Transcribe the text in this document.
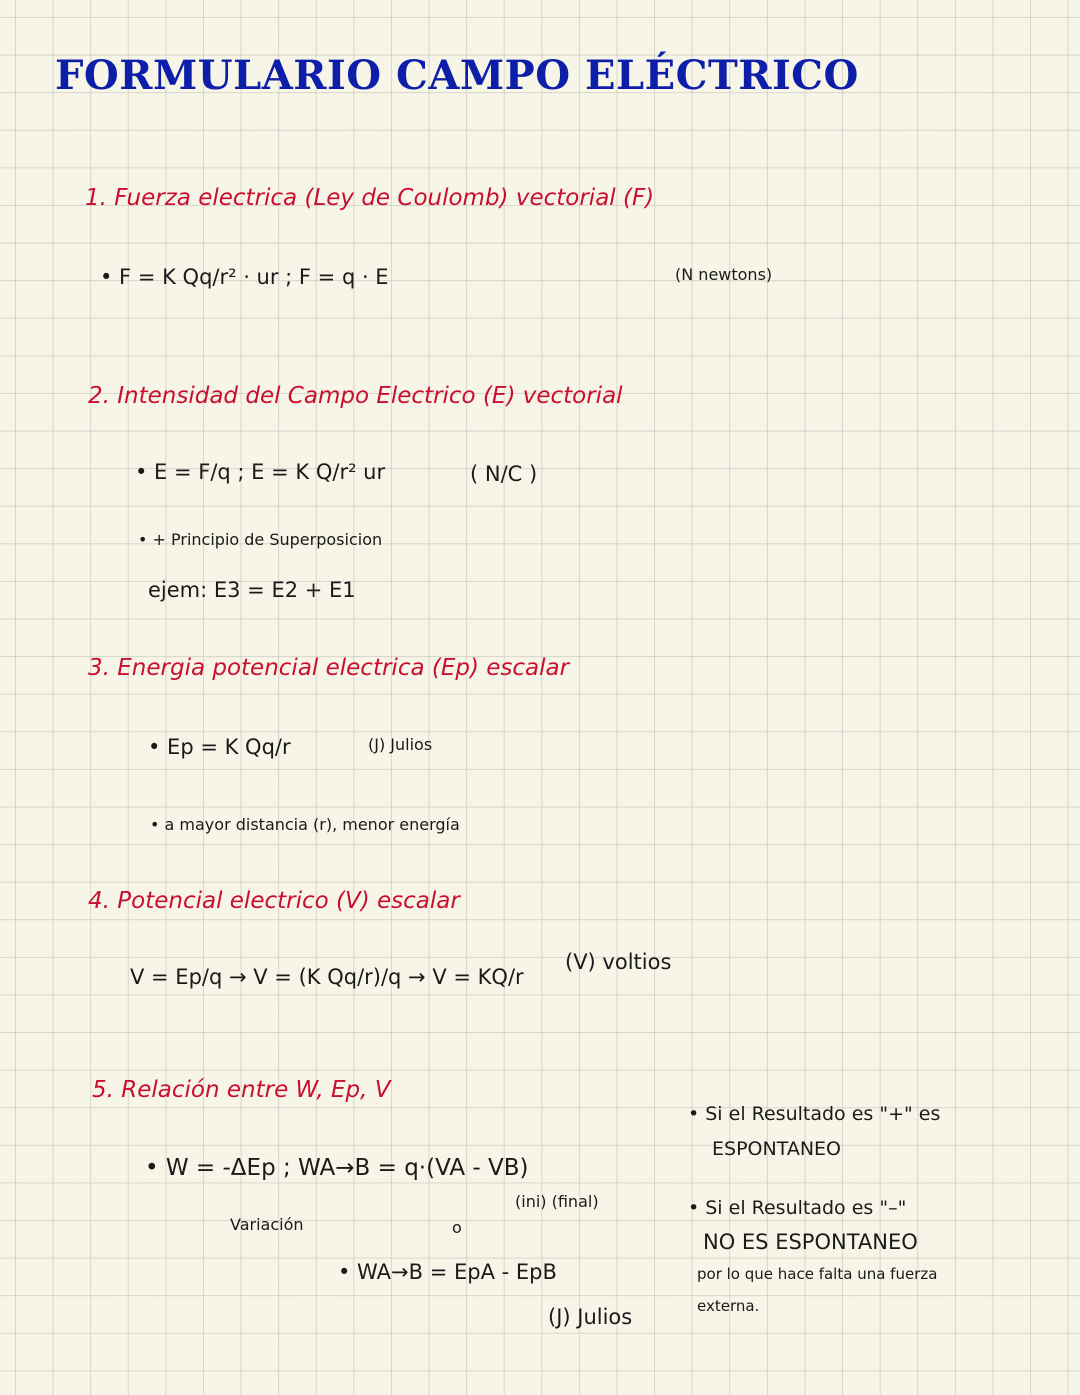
FORMULARIO CAMPO ELÉCTRICO
1. Fuerza electrica (Ley de Coulomb) vectorial (F)
• F = K Qq/r² · ur ; F = q · E	(N newtons)
2. Intensidad del Campo Electrico (E) vectorial
• E = F/q ; E = K Q/r² ur	( N/C )
• + Principio de Superposicion
ejem: E3 = E2 + E1
3. Energia potencial electrica (Ep) escalar
• Ep = K Qq/r	(J) Julios
• a mayor distancia (r), menor energía
4. Potencial electrico (V) escalar
V = Ep/q → V = (K Qq/r)/q → V = KQ/r
(V) voltios
5. Relación entre W, Ep, V
• W = -ΔEp ; WA→B = q·(VA - VB)
(ini) (final)
Variación	o
• WA→B = EpA - EpB
(J) Julios
• Si el Resultado es "+" es
ESPONTANEO
• Si el Resultado es "–"
NO ES ESPONTANEO
por lo que hace falta una fuerza
externa.
